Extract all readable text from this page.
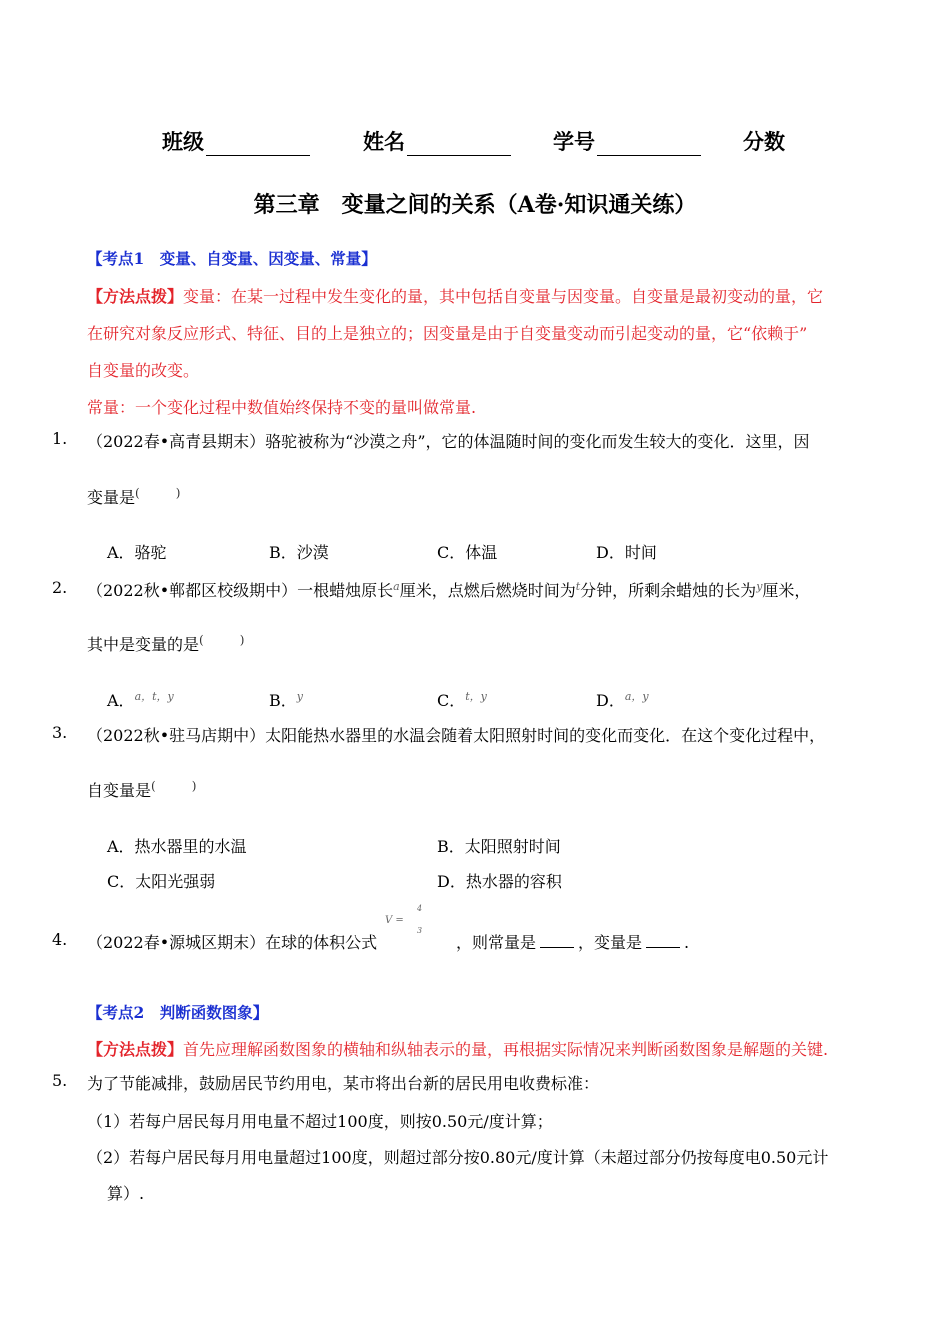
班级	姓名	学号	分数
第三章　变量之间的关系（A卷·知识通关练）
【考点1　变量、自变量、因变量、常量】
【方法点拨】变量：在某一过程中发生变化的量，其中包括自变量与因变量。自变量是最初变动的量，它
在研究对象反应形式、特征、目的上是独立的；因变量是由于自变量变动而引起变动的量，它“依赖于”
自变量的改变。
常量：一个变化过程中数值始终保持不变的量叫做常量.
1. （2022春•高青县期末）骆驼被称为“沙漠之舟”，它的体温随时间的变化而发生较大的变化．这里，因
变量是(　　　)
A．骆驼	B．沙漠	C．体温	D．时间
2. （2022秋•郸都区校级期中）一根蜡烛原长$^a$厘米，点燃后燃烧时间为$^t$分钟，所剩余蜡烛的长为$^y$厘米，
其中是变量的是(　　　)
A．$^{a,t,y}$	B．$^y$	C．$^{t,y}$	D．$^{a,y}$
3. （2022秋•驻马店期中）太阳能热水器里的水温会随着太阳照射时间的变化而变化．在这个变化过程中，
自变量是(　　　)
A．热水器里的水温	B．太阳照射时间
C．太阳光强弱	D．热水器的容积
4. （2022春•源城区期末）在球的体积公式
V =
4
3
，则常量是	，变量是	.
【考点2　判断函数图象】
【方法点拨】首先应理解函数图象的横轴和纵轴表示的量，再根据实际情况来判断函数图象是解题的关键.
5. 为了节能减排，鼓励居民节约用电，某市将出台新的居民用电收费标准：
（1）若每户居民每月用电量不超过100度，则按0.50元/度计算；
（2）若每户居民每月用电量超过100度，则超过部分按0.80元/度计算（未超过部分仍按每度电0.50元计
算）.
